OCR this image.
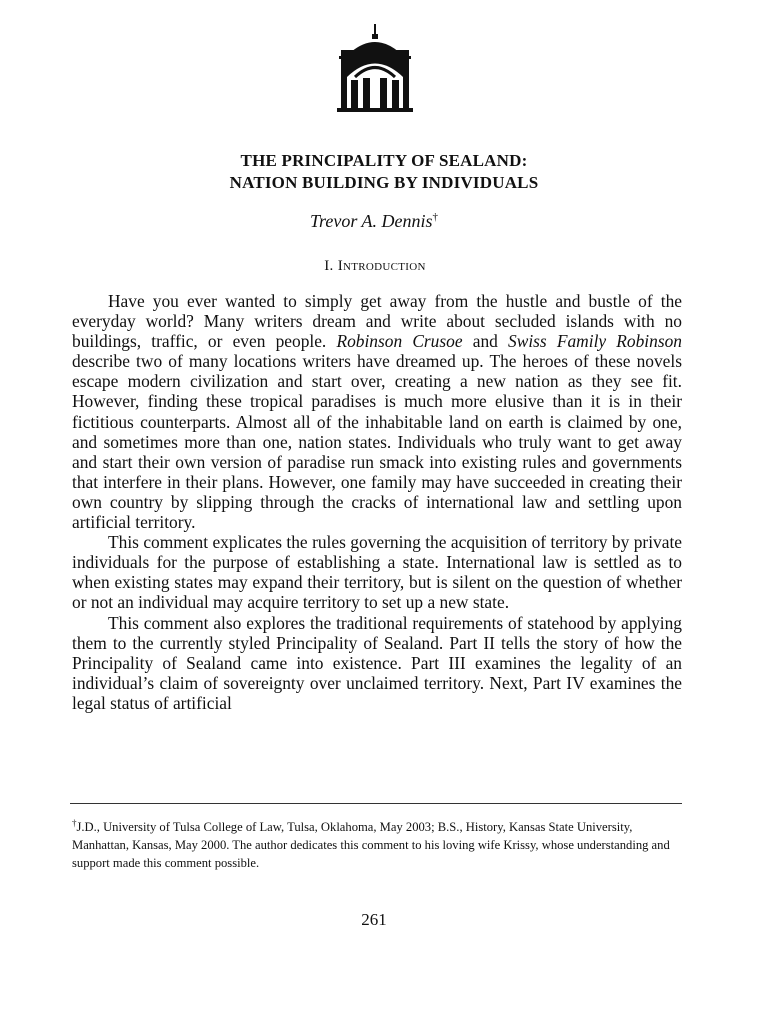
THE PRINCIPALITY OF SEALAND:
NATION BUILDING BY INDIVIDUALS
Trevor A. Dennis†
I. Introduction

Have you ever wanted to simply get away from the hustle and bustle of the everyday world? Many writers dream and write about secluded islands with no buildings, traffic, or even people. Robinson Crusoe and Swiss Family Robinson describe two of many locations writers have dreamed up. The heroes of these novels escape modern civilization and start over, creating a new nation as they see fit. However, finding these tropical paradises is much more elusive than it is in their fictitious counterparts. Almost all of the inhabitable land on earth is claimed by one, and sometimes more than one, nation states. Individuals who truly want to get away and start their own version of paradise run smack into existing rules and governments that interfere in their plans. However, one family may have succeeded in creating their own country by slipping through the cracks of international law and settling upon artificial territory.

This comment explicates the rules governing the acquisition of territory by private individuals for the purpose of establishing a state. International law is settled as to when existing states may expand their territory, but is silent on the question of whether or not an individual may acquire territory to set up a new state.

This comment also explores the traditional requirements of statehood by applying them to the currently styled Principality of Sealand. Part II tells the story of how the Principality of Sealand came into existence. Part III examines the legality of an individual’s claim of sovereignty over unclaimed territory. Next, Part IV examines the legal status of artificial

†J.D., University of Tulsa College of Law, Tulsa, Oklahoma, May 2003; B.S., History, Kansas State University, Manhattan, Kansas, May 2000. The author dedicates this comment to his loving wife Krissy, whose understanding and support made this comment possible.
261
